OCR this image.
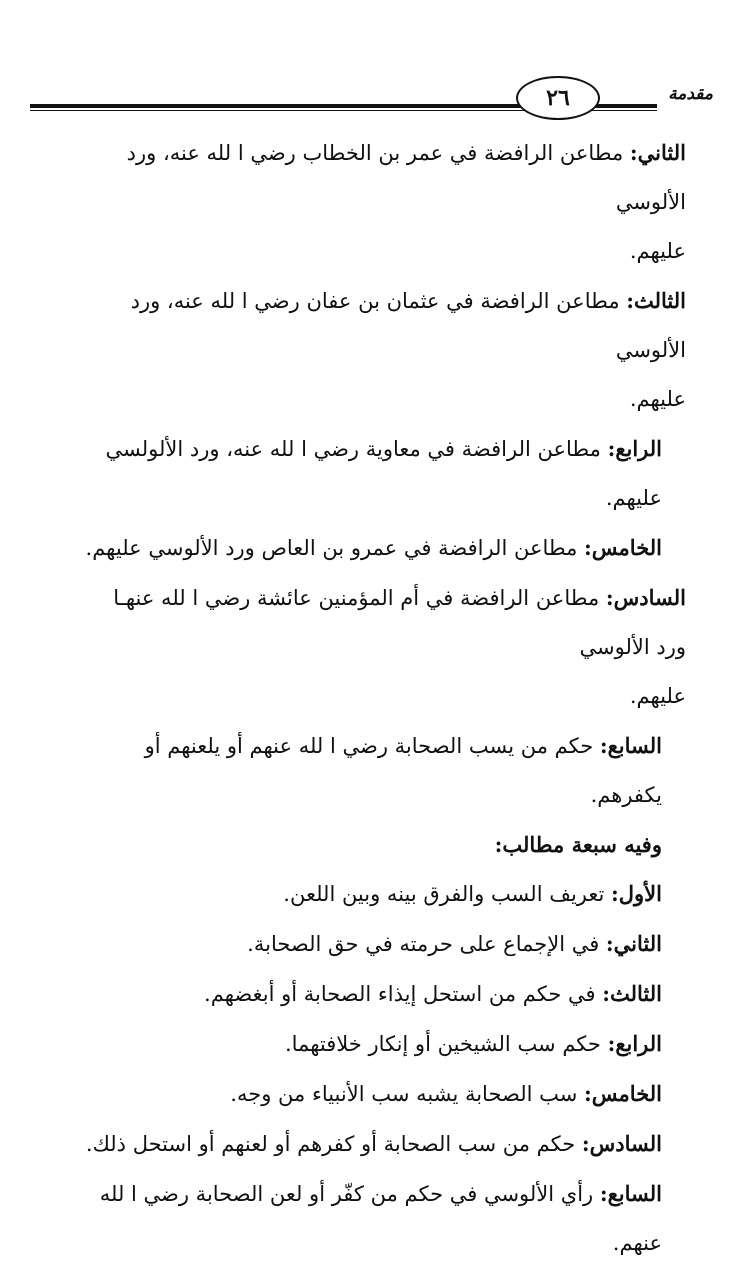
مقدمة
٢٦

الثاني: مطاعن الرافضة في عمر بن الخطاب رضي ا لله عنه، ورد الألوسي

عليهم.

الثالث: مطاعن الرافضة في عثمان بن عفان رضي ا لله عنه، ورد الألوسي

عليهم.

الرابع: مطاعن الرافضة في معاوية رضي ا لله عنه، ورد الألولسي عليهم.

الخامس: مطاعن الرافضة في عمرو بن العاص ورد الألوسي عليهم.

السادس: مطاعن الرافضة في أم المؤمنين عائشة رضي ا لله عنهـا ورد الألوسي

عليهم.

السابع: حكم من يسب الصحابة رضي ا لله عنهم أو يلعنهم أو يكفرهم.

وفيه سبعة مطالب:

الأول: تعريف السب والفرق بينه وبين اللعن.

الثاني: في الإجماع على حرمته في حق الصحابة.

الثالث: في حكم من استحل إيذاء الصحابة أو أبغضهم.

الرابع: حكم سب الشيخين أو إنكار خلافتهما.

الخامس: سب الصحابة يشبه سب الأنبياء من وجه.

السادس: حكم من سب الصحابة أو كفرهم أو لعنهم أو استحل ذلك.

السابع: رأي الألوسي في حكم من كفّر أو لعن الصحابة رضي ا لله عنهم.
